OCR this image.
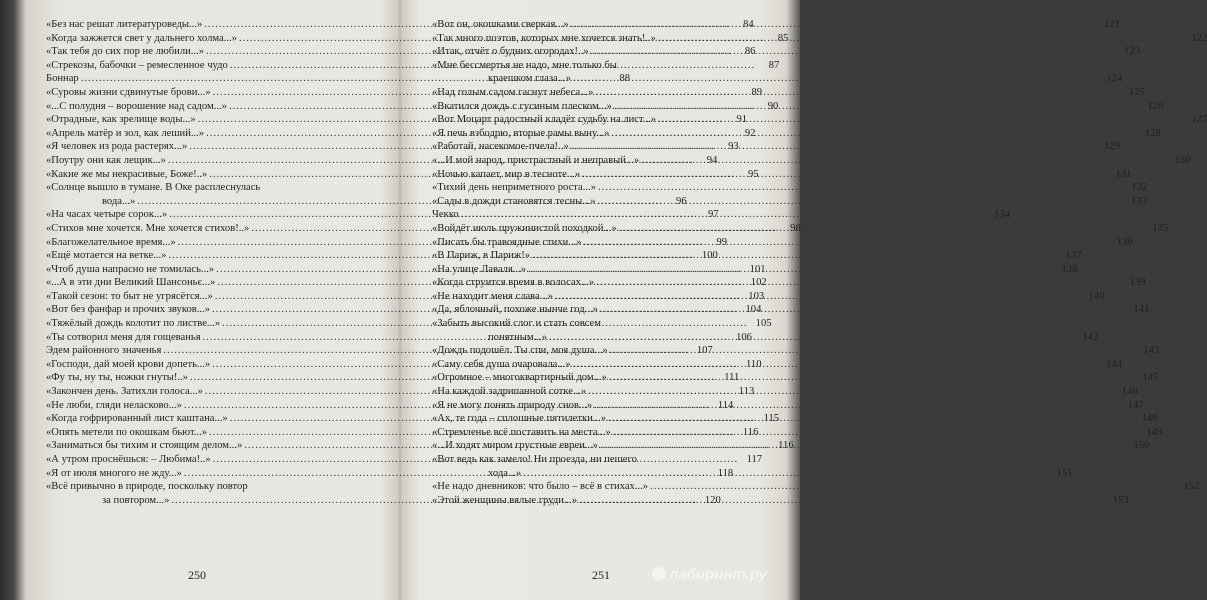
«Без нас решат литературоведы...» .....	84
«Когда зажжется свет у дальнего холма...» .....	85
«Так тебя до сих пор не любили...» .....	86
«Стрекозы, бабочки – ремесленное чудо .....	87
Боннар .....	88
«Суровы жизни сдвинутые брови...» .....	89
«...С полудня – ворошение над садом...» .....	90
«Отрадные, как зрелище воды...» .....	91
«Апрель матёр и зол, как леший...» .....	92
«Я человек из рода растерях...» .....	93
«Поутру они как лещик...» .....	94
«Какие же мы некрасивые, Боже!..» .....	95
«Солнце вышло в тумане. В Оке расплеснулась
вода...» .....	96
«На часах четыре сорок...» .....	97
«Стихов мне хочется. Мне хочется стихов!..» .....	98
«Благожелательное время...» .....	99
«Ещё мотается на ветке...» .....	100
«Чтоб душа напрасно не томилась...» .....	101
«...А в эти дни Великий Шансоньє...» .....	102
«Такой сезон: то быт не угрясётся...» .....	103
«Вот без фанфар и прочих звуков...» .....	104
«Тяжёлый дождь колотит по листве...» .....	105
«Ты сотворил меня для гощеванья .....	106
Эдем районного значенья .....	107
«Господи, дай моей крови допеть...» .....	110
«Фу ты, ну ты, ножки гнуты!..» .....	111
«Закончен день. Затихли голоса...» .....	113
«Не люби, гляди нелаcково...» .....	114
«Когда гофрированный лист каштана...» .....	115
«Опять метели по окошкам бьют...» .....	116
«Заниматься бы тихим и стоящим делом...» .....	116
«А утром проснёшься: – Любима!..» .....	117
«Я от июля многого не жду...» .....	118
«Всё привычно в природе, поскольку повтор
за повтором...» .....	120
«Вот он, окошками сверкая...» .....	121
«Так много поэтов, которых мне хочется знать!..» .....	122
«Итак, отчёт о будних огородах!..» .....	123
«Мне бессмертья не надо, мне только бы
краешком глаза...» .....	124
«Над голым садом гаснут небеса...» .....	125
«Вкатился дождь с гусиным плеском...» .....	126
«Вот Моцарт радостный кладёт судьбу на лист...» .....	127
«Я печь взбодрю, вторые рамы выну...» .....	128
«Работай, насекомое-пчела!..» .....	129
«...И мой народ, пристрастный и неправый...» .....	130
«Ночью капает, мир в тесноте...» .....	131
«Тихий день неприметного роста...» .....	132
«Сады в дожди становятся тесны...» .....	133
Чекко .....	134
«Войдёт июль пружинистой походкой...» .....	135
«Писать бы травоядные стихи...» .....	136
«В Париж, в Париж!» .....	137
«На улице Лаваля...» .....	138
«Когда струится время в волосах...» .....	139
«Не находит меня слава...» .....	140
«Да, яблочный, похоже нынче год...» .....	141
«Забыть высокий слог и стать совсем
понятным...» .....	142
«Дождь подошёл. Ты спи, моя душа...» .....	143
«Саму себя душа очаровала...» .....	144
«Огромное – многоквартирный дом...» .....	145
«На каждой задрипанной сотке...» .....	146
«Я не могу понять природу снов...» .....	147
«Ах, те года – сплошные пятилетки...» .....	148
«Стремленье всё поставить на места...» .....	149
«...И ходят миром грустные евреи...» .....	150
«Вот ведь как замело! Ни проезда, ни пешего
хода...» .....	151
«Не надо дневников: что было – всё в стихах...» .....	152
«Этой женщины вялые груди...» .....	153
250	251	лабиринт.ру
